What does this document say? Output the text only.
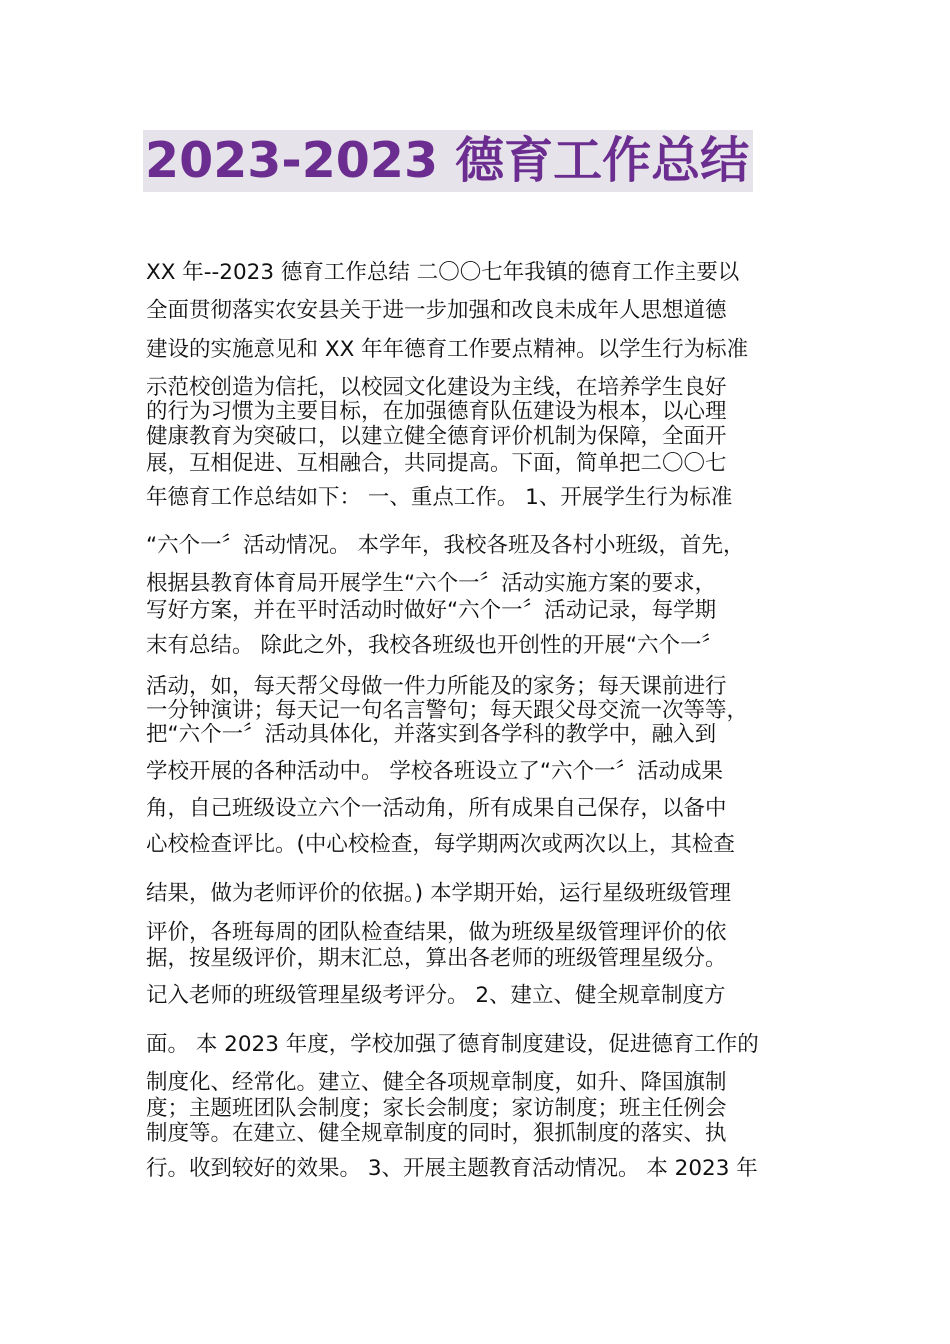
2023-2023 德育工作总结
XX 年--2023 德育工作总结 二〇〇七年我镇的德育工作主要以
全面贯彻落实农安县关于进一步加强和改良未成年人思想道德
建设的实施意见和 XX 年年德育工作要点精神。以学生行为标准
示范校创造为信托，以校园文化建设为主线，在培养学生良好
的行为习惯为主要目标，在加强德育队伍建设为根本，以心理
健康教育为突破口，以建立健全德育评价机制为保障，全面开
展，互相促进、互相融合，共同提高。下面，简单把二〇〇七
年德育工作总结如下： 一、重点工作。 1、开展学生行为标准
“六个一〞活动情况。 本学年，我校各班及各村小班级，首先，
根据县教育体育局开展学生“六个一〞活动实施方案的要求，
写好方案，并在平时活动时做好“六个一〞活动记录，每学期
末有总结。 除此之外，我校各班级也开创性的开展“六个一〞
活动，如，每天帮父母做一件力所能及的家务；每天课前进行
一分钟演讲；每天记一句名言警句；每天跟父母交流一次等等，
把“六个一〞活动具体化，并落实到各学科的教学中，融入到
学校开展的各种活动中。 学校各班设立了“六个一〞活动成果
角，自己班级设立六个一活动角，所有成果自己保存，以备中
心校检查评比。(中心校检查，每学期两次或两次以上，其检查
结果，做为老师评价的依据。) 本学期开始，运行星级班级管理
评价，各班每周的团队检查结果，做为班级星级管理评价的依
据，按星级评价，期末汇总，算出各老师的班级管理星级分。
记入老师的班级管理星级考评分。 2、建立、健全规章制度方
面。 本 2023 年度，学校加强了德育制度建设，促进德育工作的
制度化、经常化。建立、健全各项规章制度，如升、降国旗制
度；主题班团队会制度；家长会制度；家访制度；班主任例会
制度等。在建立、健全规章制度的同时，狠抓制度的落实、执
行。收到较好的效果。 3、开展主题教育活动情况。 本 2023 年
